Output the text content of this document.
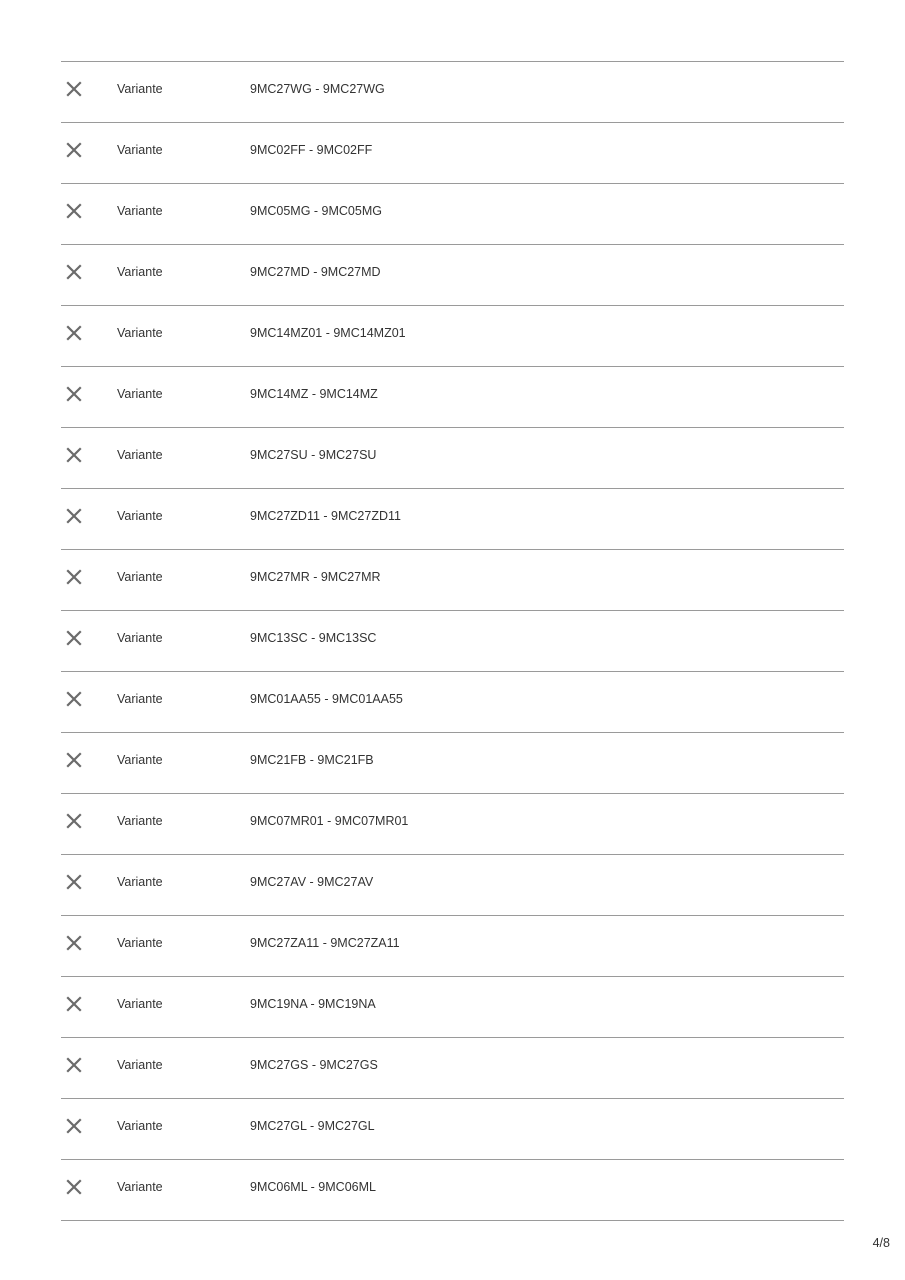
Variante	9MC27WG - 9MC27WG
Variante	9MC02FF - 9MC02FF
Variante	9MC05MG - 9MC05MG
Variante	9MC27MD - 9MC27MD
Variante	9MC14MZ01 - 9MC14MZ01
Variante	9MC14MZ - 9MC14MZ
Variante	9MC27SU - 9MC27SU
Variante	9MC27ZD11 - 9MC27ZD11
Variante	9MC27MR - 9MC27MR
Variante	9MC13SC - 9MC13SC
Variante	9MC01AA55 - 9MC01AA55
Variante	9MC21FB - 9MC21FB
Variante	9MC07MR01 - 9MC07MR01
Variante	9MC27AV - 9MC27AV
Variante	9MC27ZA11 - 9MC27ZA11
Variante	9MC19NA - 9MC19NA
Variante	9MC27GS - 9MC27GS
Variante	9MC27GL - 9MC27GL
Variante	9MC06ML - 9MC06ML
4/8
